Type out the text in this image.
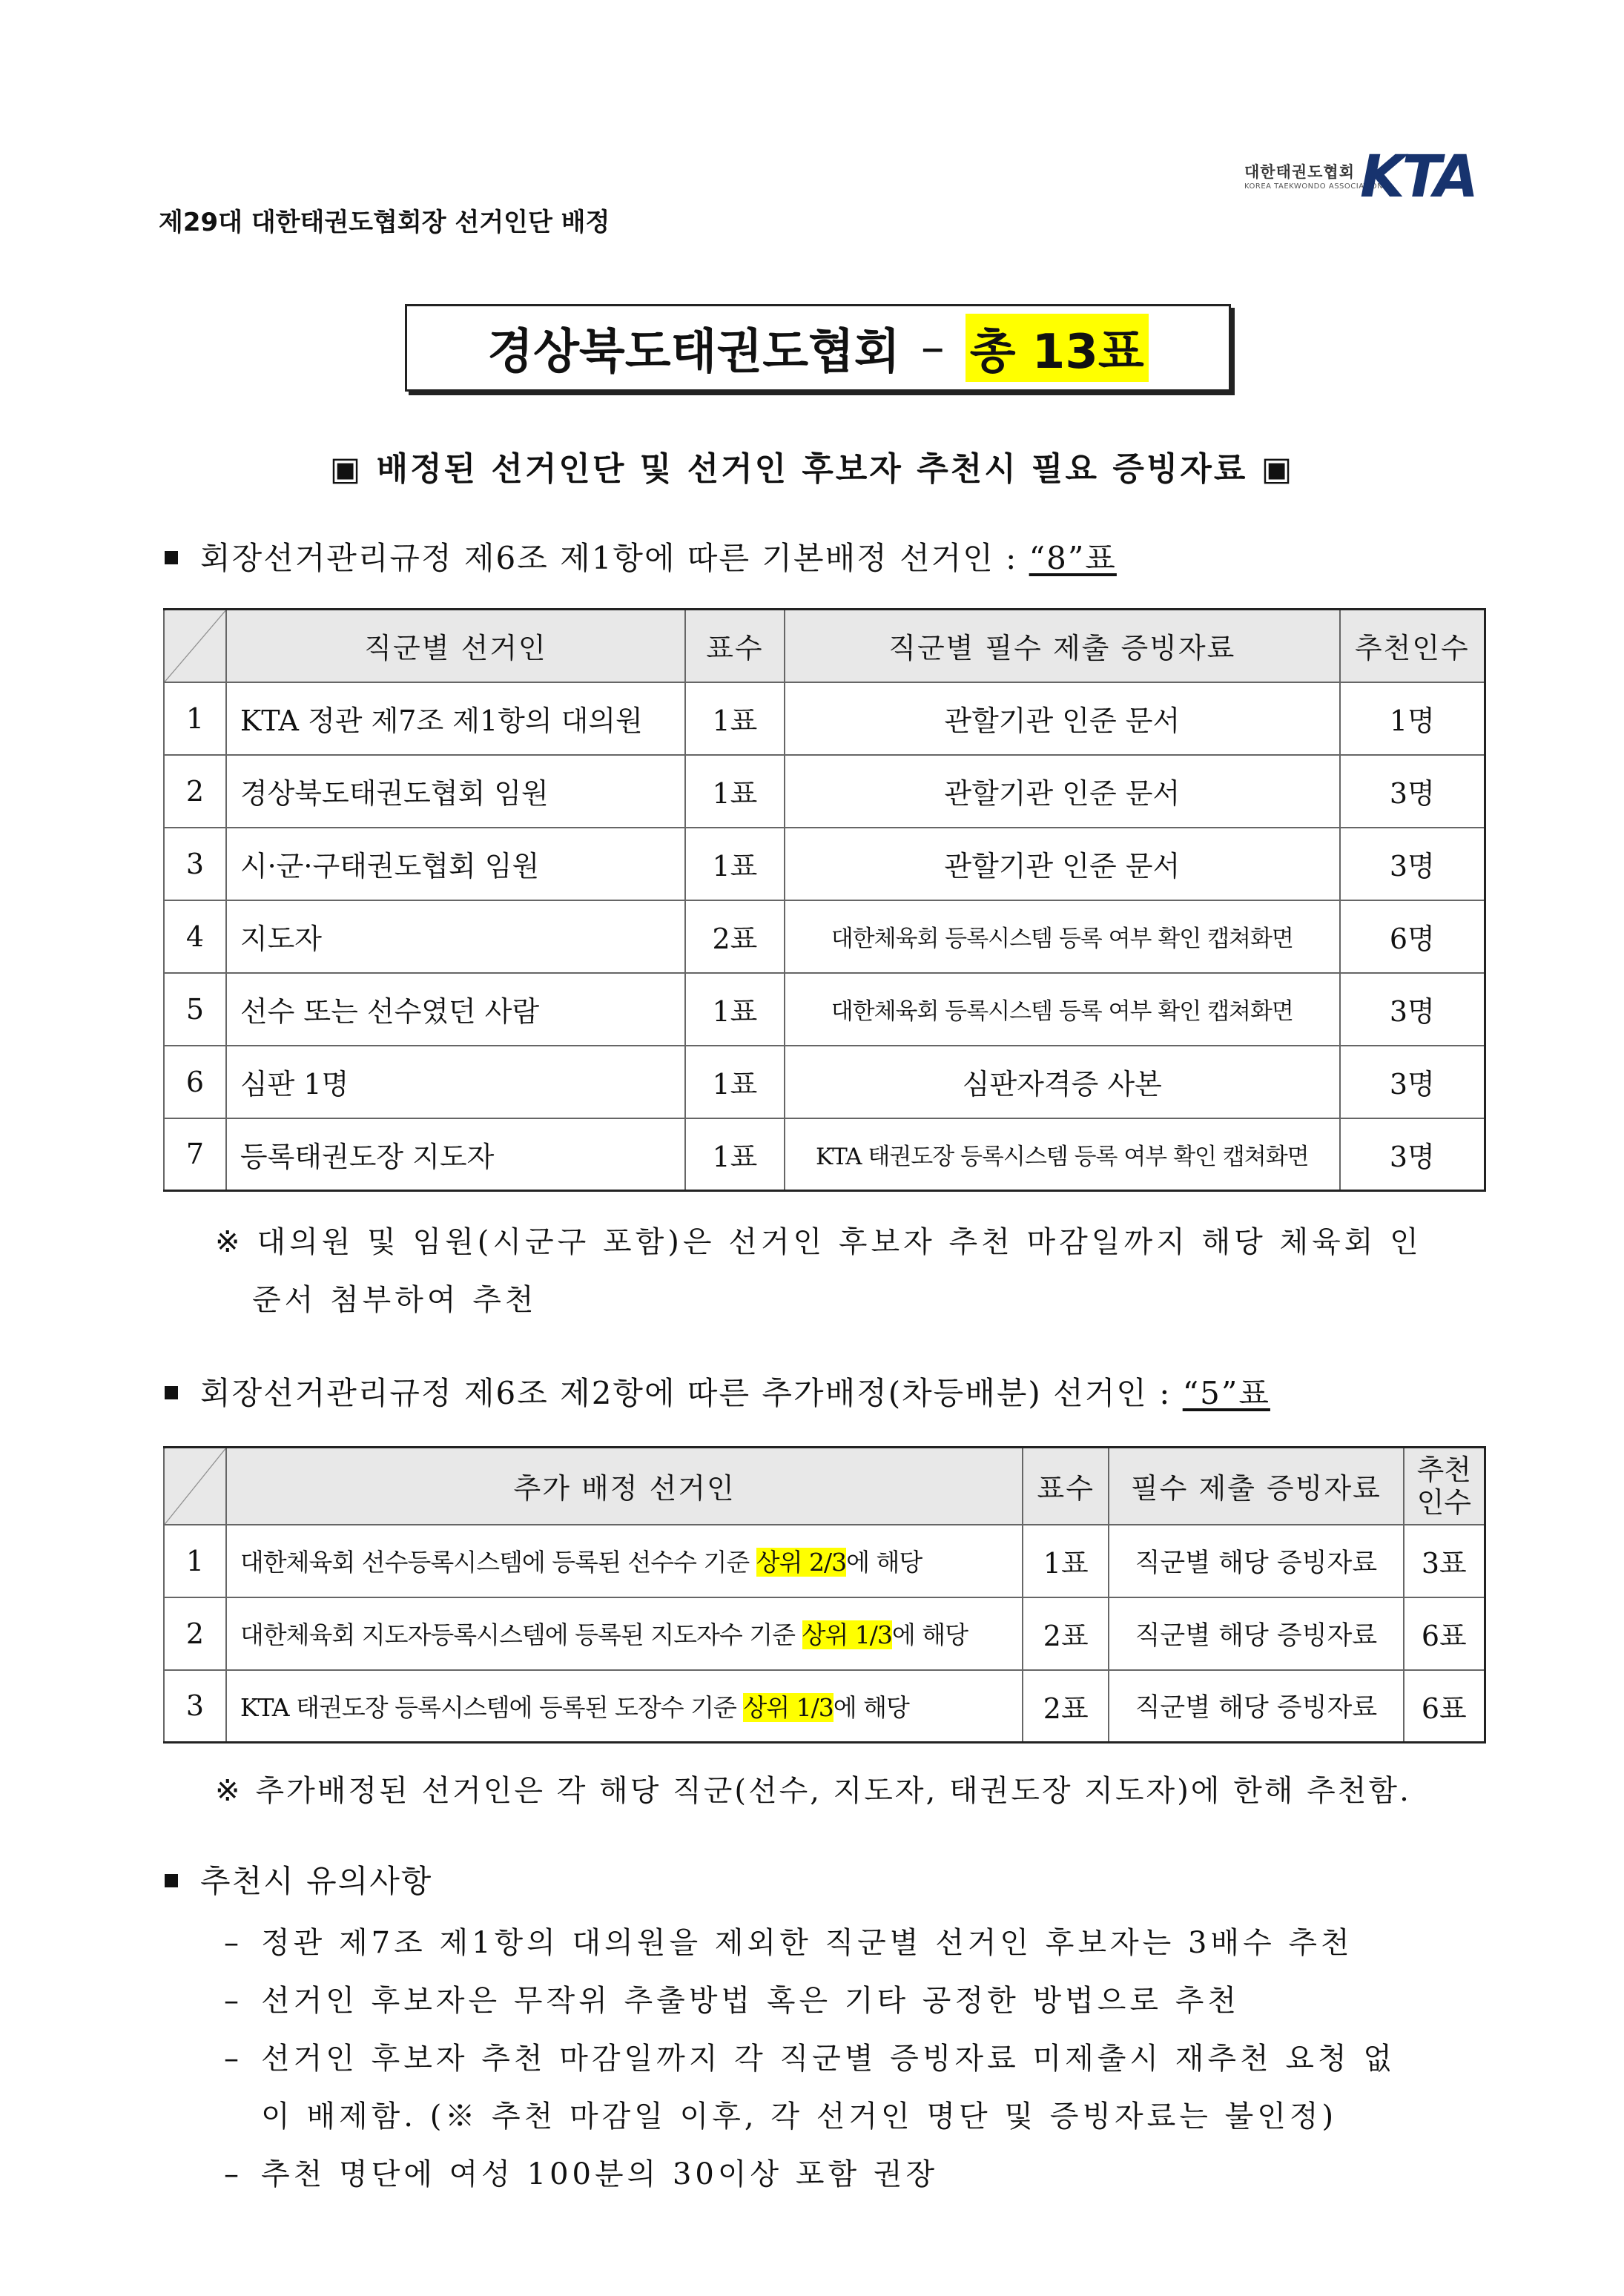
제29대 대한태권도협회장 선거인단 배정
대한태권도협회
KOREA TAEKWONDO ASSOCIATION
KTA
경상북도태권도협회 – 총 13표
▣ 배정된 선거인단 및 선거인 후보자 추천시 필요 증빙자료 ▣
회장선거관리규정 제6조 제1항에 따른 기본배정 선거인 : “8”표
	직군별 선거인	표수	직군별 필수 제출 증빙자료	추천인수
1	KTA 정관 제7조 제1항의 대의원	1표	관할기관 인준 문서	1명
2	경상북도태권도협회 임원	1표	관할기관 인준 문서	3명
3	시·군·구태권도협회 임원	1표	관할기관 인준 문서	3명
4	지도자	2표	대한체육회 등록시스템 등록 여부 확인 캡쳐화면	6명
5	선수 또는 선수였던 사람	1표	대한체육회 등록시스템 등록 여부 확인 캡쳐화면	3명
6	심판 1명	1표	심판자격증 사본	3명
7	등록태권도장 지도자	1표	KTA 태권도장 등록시스템 등록 여부 확인 캡쳐화면	3명
※ 대의원 및 임원(시군구 포함)은 선거인 후보자 추천 마감일까지 해당 체육회 인
준서 첨부하여 추천
회장선거관리규정 제6조 제2항에 따른 추가배정(차등배분) 선거인 : “5”표
	추가 배정 선거인	표수	필수 제출 증빙자료	추천
인수

1	대한체육회 선수등록시스템에 등록된 선수수 기준 상위 2/3에 해당	1표	직군별 해당 증빙자료	3표
2	대한체육회 지도자등록시스템에 등록된 지도자수 기준 상위 1/3에 해당	2표	직군별 해당 증빙자료	6표
3	KTA 태권도장 등록시스템에 등록된 도장수 기준 상위 1/3에 해당	2표	직군별 해당 증빙자료	6표
※ 추가배정된 선거인은 각 해당 직군(선수, 지도자, 태권도장 지도자)에 한해 추천함.
추천시 유의사항
– 정관 제7조 제1항의 대의원을 제외한 직군별 선거인 후보자는 3배수 추천
– 선거인 후보자은 무작위 추출방법 혹은 기타 공정한 방법으로 추천
– 선거인 후보자 추천 마감일까지 각 직군별 증빙자료 미제출시 재추천 요청 없
이 배제함. (※ 추천 마감일 이후, 각 선거인 명단 및 증빙자료는 불인정)
– 추천 명단에 여성 100분의 30이상 포함 권장
